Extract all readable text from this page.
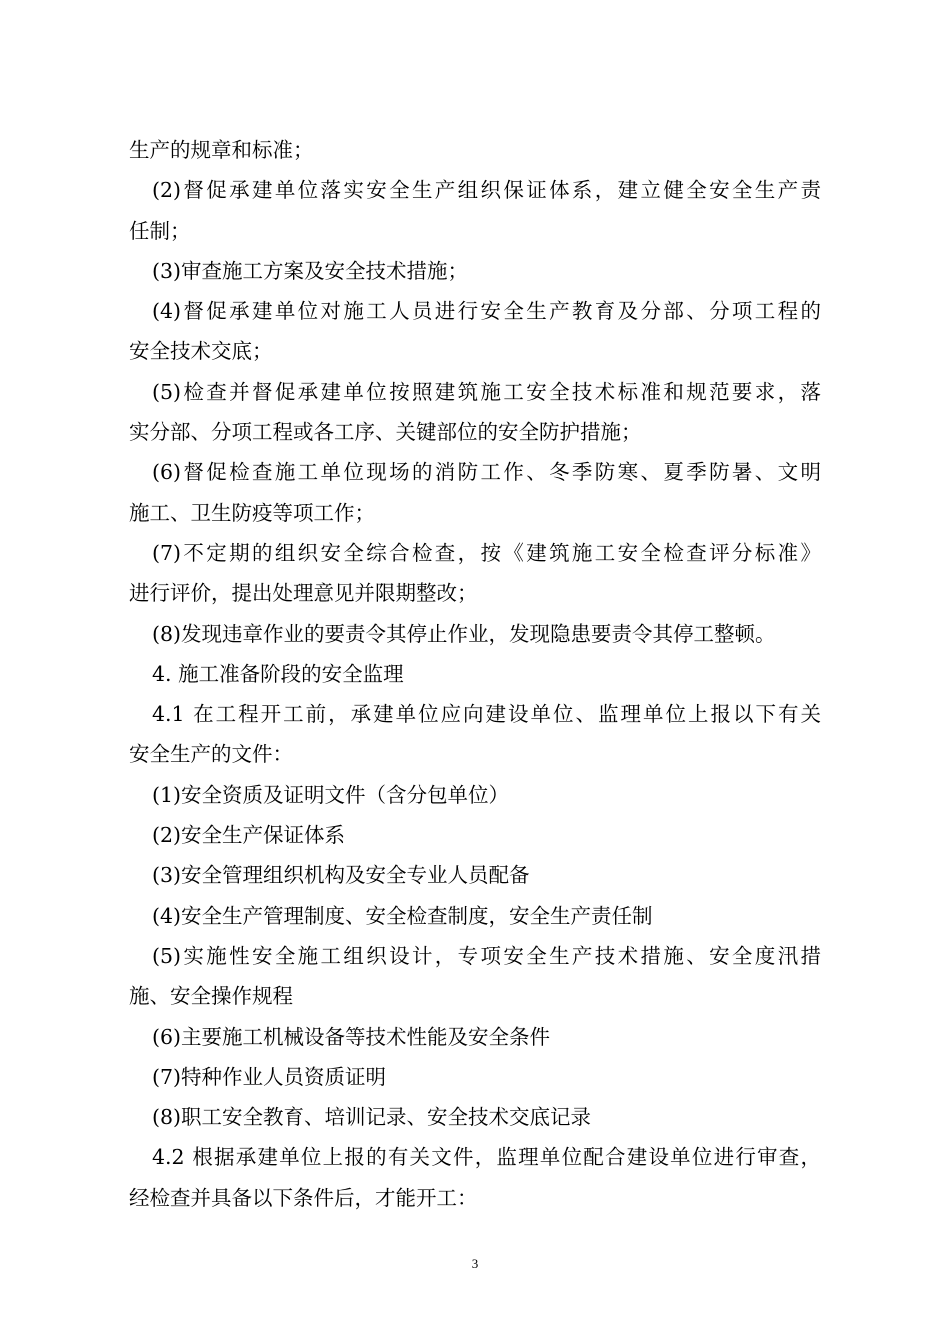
生产的规章和标准；
(2)督促承建单位落实安全生产组织保证体系，建立健全安全生产责
任制；
(3)审查施工方案及安全技术措施；
(4)督促承建单位对施工人员进行安全生产教育及分部、分项工程的
安全技术交底；
(5)检查并督促承建单位按照建筑施工安全技术标准和规范要求，落
实分部、分项工程或各工序、关键部位的安全防护措施；
(6)督促检查施工单位现场的消防工作、冬季防寒、夏季防暑、文明
施工、卫生防疫等项工作；
(7)不定期的组织安全综合检查，按《建筑施工安全检查评分标准》
进行评价，提出处理意见并限期整改；
(8)发现违章作业的要责令其停止作业，发现隐患要责令其停工整顿。
4. 施工准备阶段的安全监理
4.1 在工程开工前，承建单位应向建设单位、监理单位上报以下有关
安全生产的文件：
(1)安全资质及证明文件（含分包单位）
(2)安全生产保证体系
(3)安全管理组织机构及安全专业人员配备
(4)安全生产管理制度、安全检查制度，安全生产责任制
(5)实施性安全施工组织设计，专项安全生产技术措施、安全度汛措
施、安全操作规程
(6)主要施工机械设备等技术性能及安全条件
(7)特种作业人员资质证明
(8)职工安全教育、培训记录、安全技术交底记录
4.2 根据承建单位上报的有关文件，监理单位配合建设单位进行审查，
经检查并具备以下条件后，才能开工：
3
